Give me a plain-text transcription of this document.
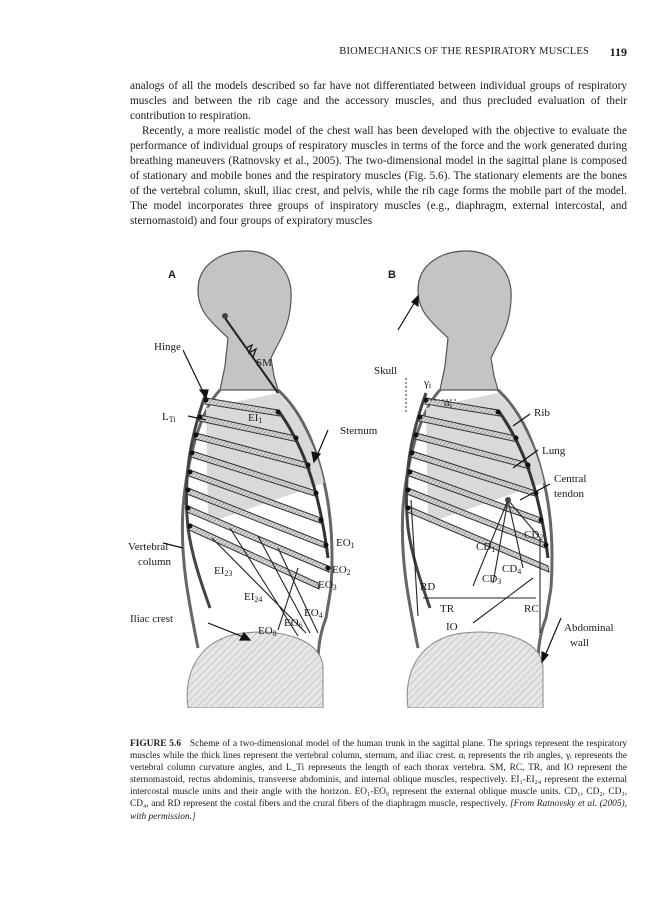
BIOMECHANICS OF THE RESPIRATORY MUSCLES 119

analogs of all the models described so far have not differentiated between individual groups of respiratory muscles and between the rib cage and the accessory muscles, and thus precluded evaluation of their contribution to respiration.

Recently, a more realistic model of the chest wall has been developed with the objective to evaluate the performance of individual groups of respiratory muscles in terms of the force and the work generated during breathing maneuvers (Ratnovsky et al., 2005). The two-dimensional model in the sagittal plane is composed of stationary and mobile bones and the respiratory muscles (Fig. 5.6). The stationary elements are the bones of the vertebral column, skull, iliac crest, and pelvis, while the rib cage forms the mobile part of the model. The model incorporates three groups of inspiratory muscles (e.g., diaphragm, external intercostal, and sternomastoid) and four groups of expiratory muscles

A
Hinge
SM
LTi	EI1
Sternum
Vertebral
column
EI23
EI24
EO1
EO2
EO3
EO4
EO6
EO8
Iliac crest
B
Skull
γi
αi
Rib
Lung
Central
tendon
CD1
CD2
CD3
CD4
RD
TR	RC
IO	Abdominal
wall
FIGURE 5.6 Scheme of a two-dimensional model of the human trunk in the sagittal plane. The springs represent the respiratory muscles while the thick lines represent the vertebral column, sternum, and iliac crest. αᵢ represents the rib angles, γᵢ represents the vertebral column curvature angles, and L_Ti represents the length of each thorax vertebra. SM, RC, TR, and IO represent the sternomastoid, rectus abdominis, transverse abdominis, and internal oblique muscles, respectively. EI₁-EI₂₄ represent the external intercostal muscle units and their angle with the horizon. EO₁-EO₆ represent the external oblique muscle units. CD₁, CD₂, CD₃, CD₄, and RD represent the costal fibers and the crural fibers of the diaphragm muscle, respectively. [From Ratnovsky et al. (2005), with permission.]
